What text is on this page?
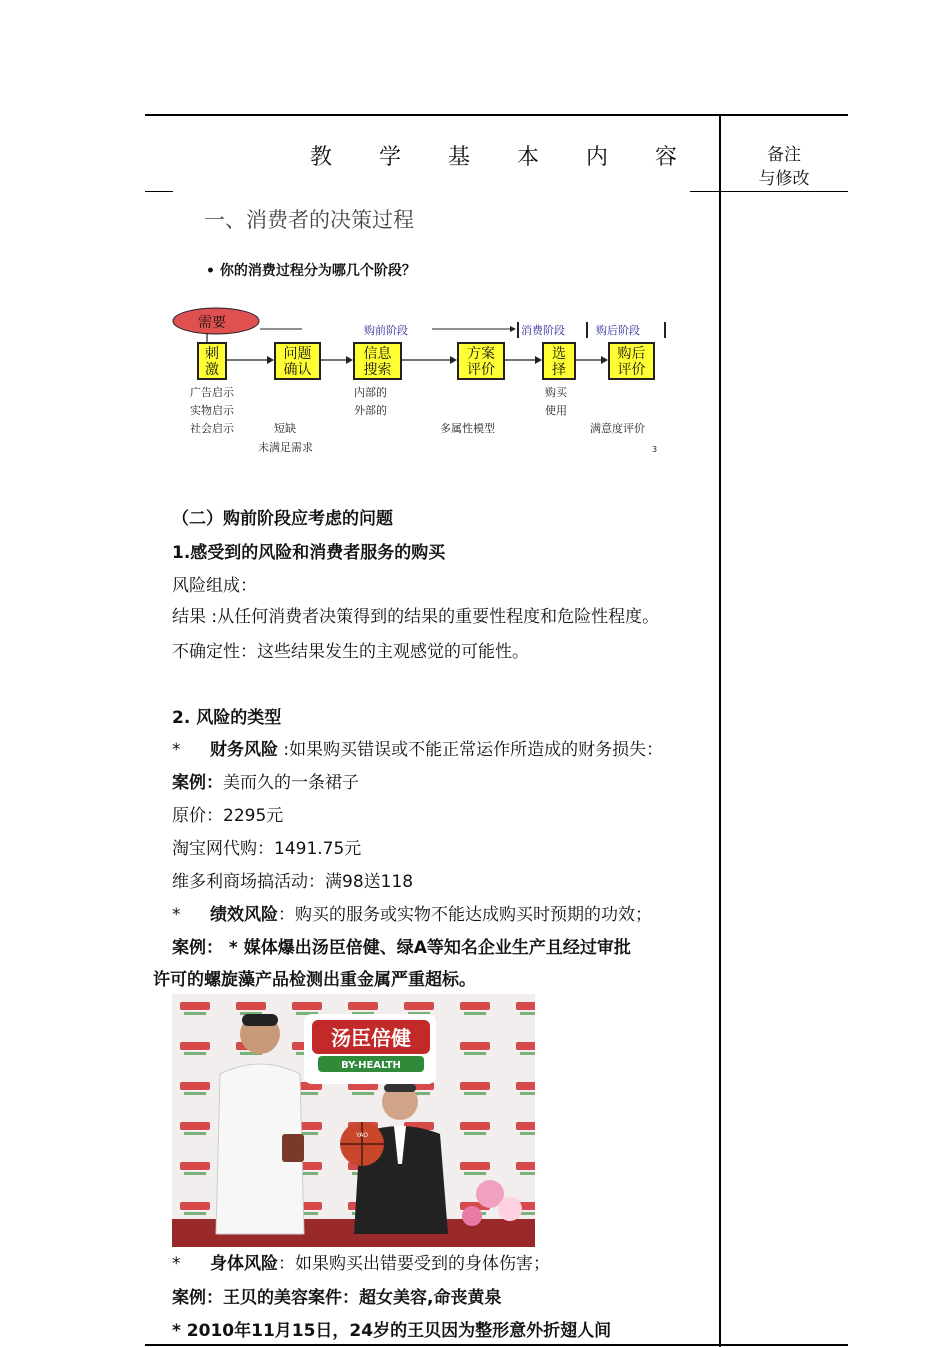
教 学 基 本 内 容	备注
与修改
一、消费者的决策过程
• 你的消费过程分为哪几个阶段？
需要	购前阶段	消费阶段	购后阶段
刺
激
问题
确认
信息
搜索
方案
评价
选
择
购后
评价
广告启示
实物启示
社会启示	短缺
未满足需求
内部的
外部的
多属性模型
购买
使用
满意度评价
3
（二）购前阶段应考虑的问题
1.感受到的风险和消费者服务的购买
风险组成：
结果 :从任何消费者决策得到的结果的重要性程度和危险性程度。
不确定性：这些结果发生的主观感觉的可能性。
2. 风险的类型
* 财务风险 :如果购买错误或不能正常运作所造成的财务损失：
案例：美而久的一条裙子
原价：2295元
淘宝网代购：1491.75元
维多利商场搞活动：满98送118
* 绩效风险：购买的服务或实物不能达成购买时预期的功效；
案例： * 媒体爆出汤臣倍健、绿A等知名企业生产且经过审批
许可的螺旋藻产品检测出重金属严重超标。
汤臣倍健
BY-HEALTH
YAO
* 身体风险：如果购买出错要受到的身体伤害；
案例：王贝的美容案件：超女美容,命丧黄泉
* 2010年11月15日，24岁的王贝因为整形意外折翅人间
